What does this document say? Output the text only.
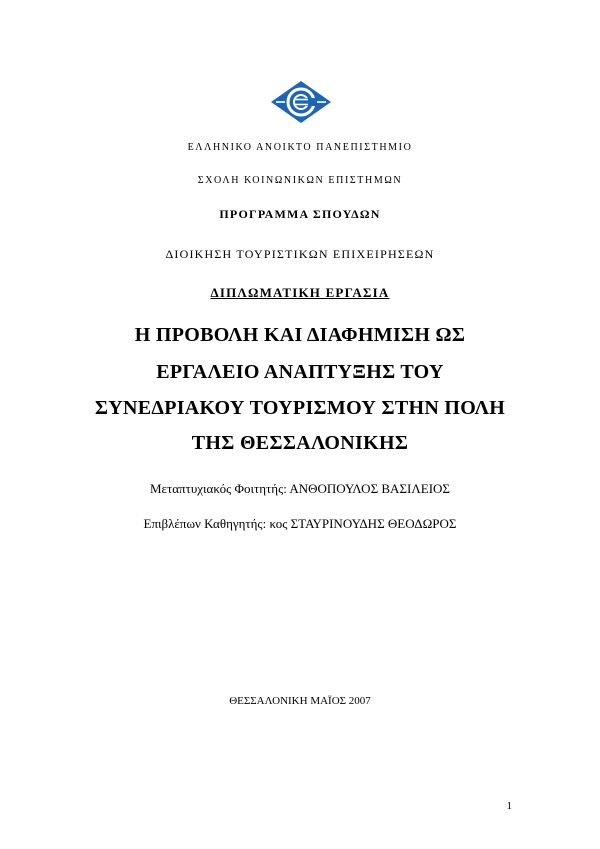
ΕΛΛΗΝΙΚΟ ΑΝΟΙΚΤΟ ΠΑΝΕΠΙΣΤΗΜΙΟ
ΣΧΟΛΗ ΚΟΙΝΩΝΙΚΩΝ ΕΠΙΣΤΗΜΩΝ
ΠΡΟΓΡΑΜΜΑ ΣΠΟΥΔΩΝ
ΔΙΟΙΚΗΣΗ ΤΟΥΡΙΣΤΙΚΩΝ ΕΠΙΧΕΙΡΗΣΕΩΝ
ΔΙΠΛΩΜΑΤΙΚΗ ΕΡΓΑΣΙΑ
Η ΠΡΟΒΟΛΗ ΚΑΙ ΔΙΑΦΗΜΙΣΗ ΩΣ
ΕΡΓΑΛΕΙΟ ΑΝΑΠΤΥΞΗΣ ΤΟΥ
ΣΥΝΕΔΡΙΑΚΟΥ ΤΟΥΡΙΣΜΟΥ ΣΤΗΝ ΠΟΛΗ
ΤΗΣ ΘΕΣΣΑΛΟΝΙΚΗΣ
Μεταπτυχιακός Φοιτητής: ΑΝΘΟΠΟΥΛΟΣ ΒΑΣΙΛΕΙΟΣ
Επιβλέπων Καθηγητής: κος ΣΤΑΥΡΙΝΟΥΔΗΣ ΘΕΟΔΩΡΟΣ
ΘΕΣΣΑΛΟΝΙΚΗ ΜΑΪΟΣ 2007
1
